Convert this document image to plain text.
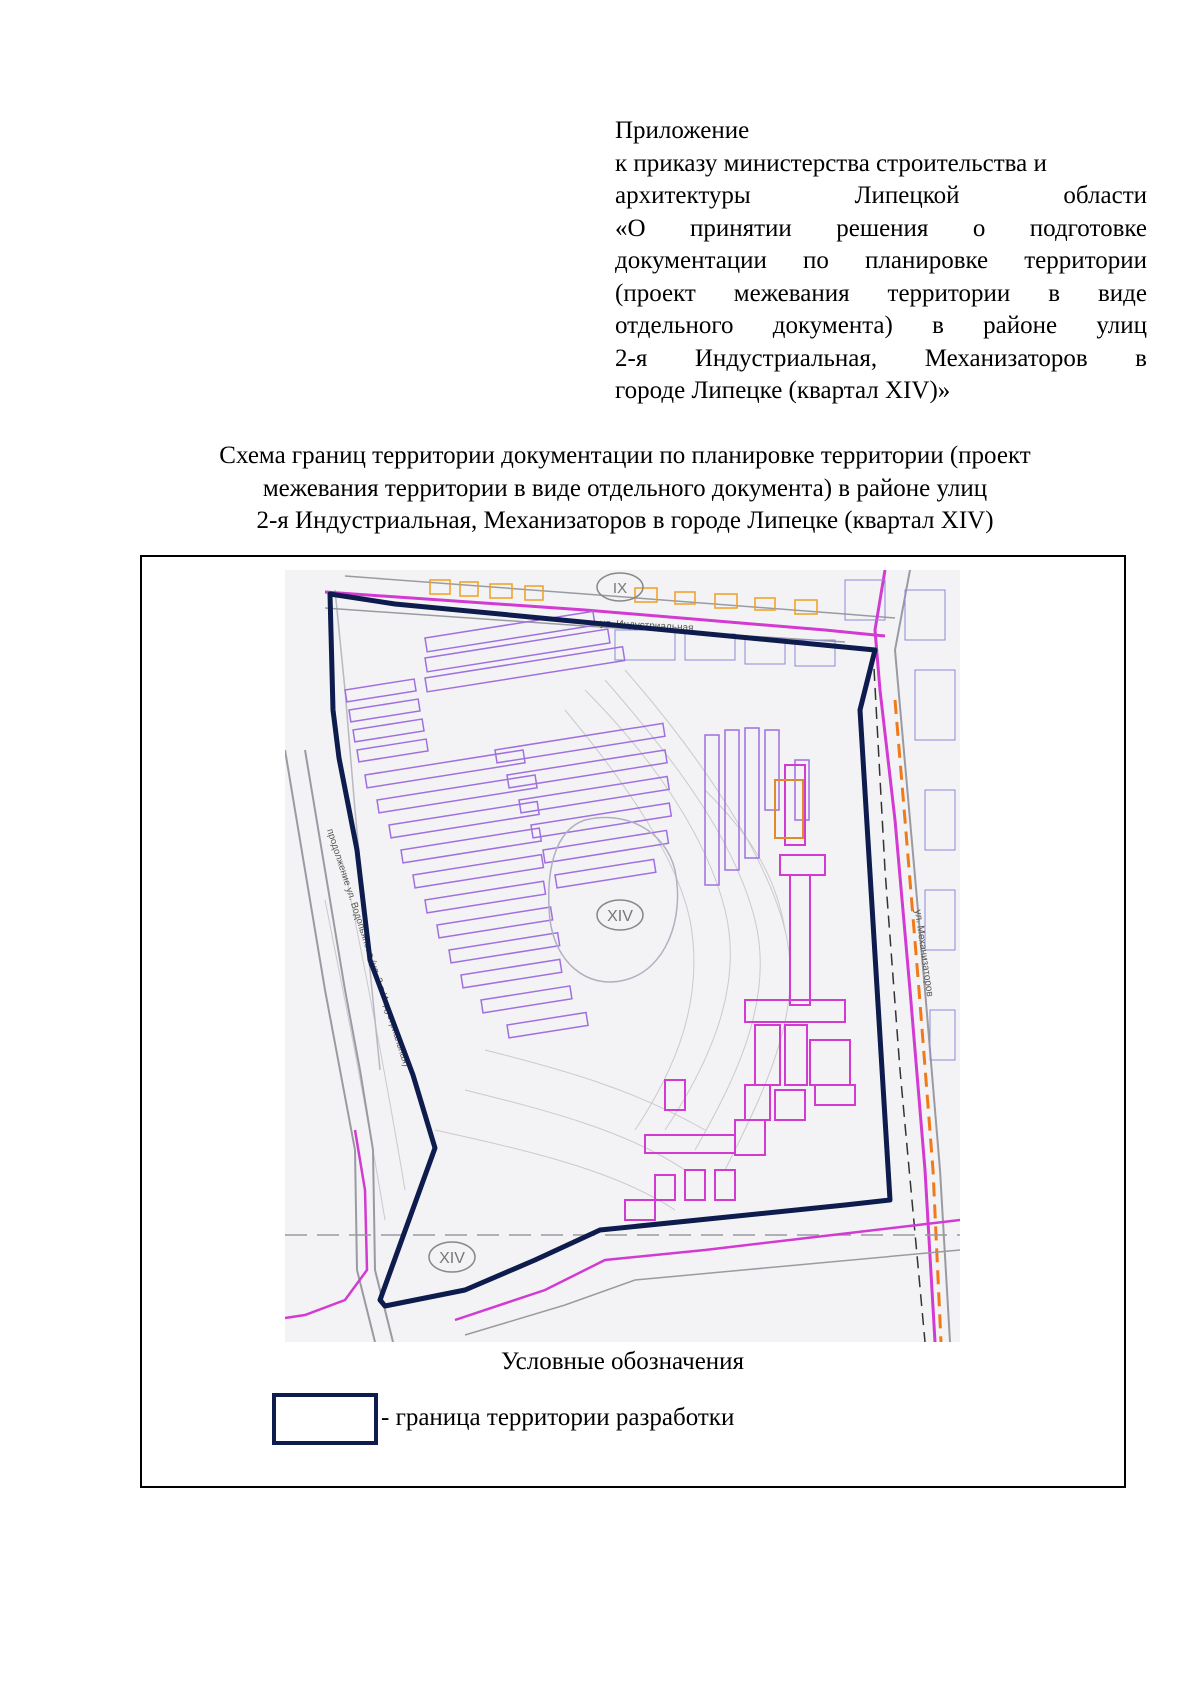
Приложение
к приказу министерства строительства и
архитектуры Липецкой области
«О принятии решения о подготовке
документации по планировке территории
(проект межевания территории в виде
отдельного документа) в районе улиц
2-я Индустриальная, Механизаторов в
городе Липецке (квартал XIV)»
Схема границ территории документации по планировке территории (проект
межевания территории в виде отдельного документа) в районе улиц
2-я Индустриальная, Механизаторов в городе Липецке (квартал XIV)
XIV
XIV
IX
ул. Индустриальная
ул. Механизаторов
продолжение ул. Водопьянова (ул. 2-я Индустриальная)
Условные обозначения
- граница территории разработки
